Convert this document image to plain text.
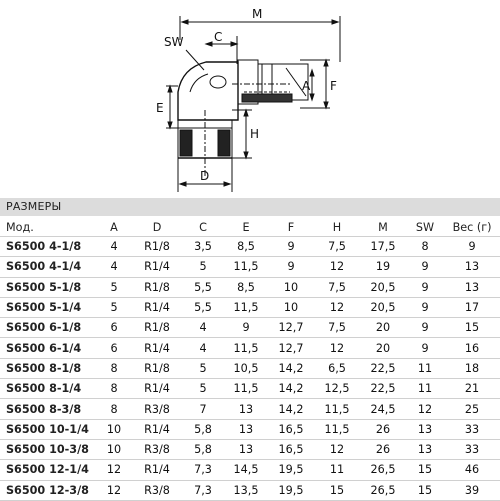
M
SW	C
A F
E
H
D
РАЗМЕРЫ
Мод.	A	D	C	E	F	H	M	SW	Вес (г)
S6500 4-1/8	4	R1/8	3,5	8,5	9	7,5	17,5	8	9
S6500 4-1/4	4	R1/4	5	11,5	9	12	19	9	13
S6500 5-1/8	5	R1/8	5,5	8,5	10	7,5	20,5	9	13
S6500 5-1/4	5	R1/4	5,5	11,5	10	12	20,5	9	17
S6500 6-1/8	6	R1/8	4	9	12,7	7,5	20	9	15
S6500 6-1/4	6	R1/4	4	11,5	12,7	12	20	9	16
S6500 8-1/8	8	R1/8	5	10,5	14,2	6,5	22,5	11	18
S6500 8-1/4	8	R1/4	5	11,5	14,2	12,5	22,5	11	21
S6500 8-3/8	8	R3/8	7	13	14,2	11,5	24,5	12	25
S6500 10-1/4	10	R1/4	5,8	13	16,5	11,5	26	13	33
S6500 10-3/8	10	R3/8	5,8	13	16,5	12	26	13	33
S6500 12-1/4	12	R1/4	7,3	14,5	19,5	11	26,5	15	46
S6500 12-3/8	12	R3/8	7,3	13,5	19,5	15	26,5	15	39
